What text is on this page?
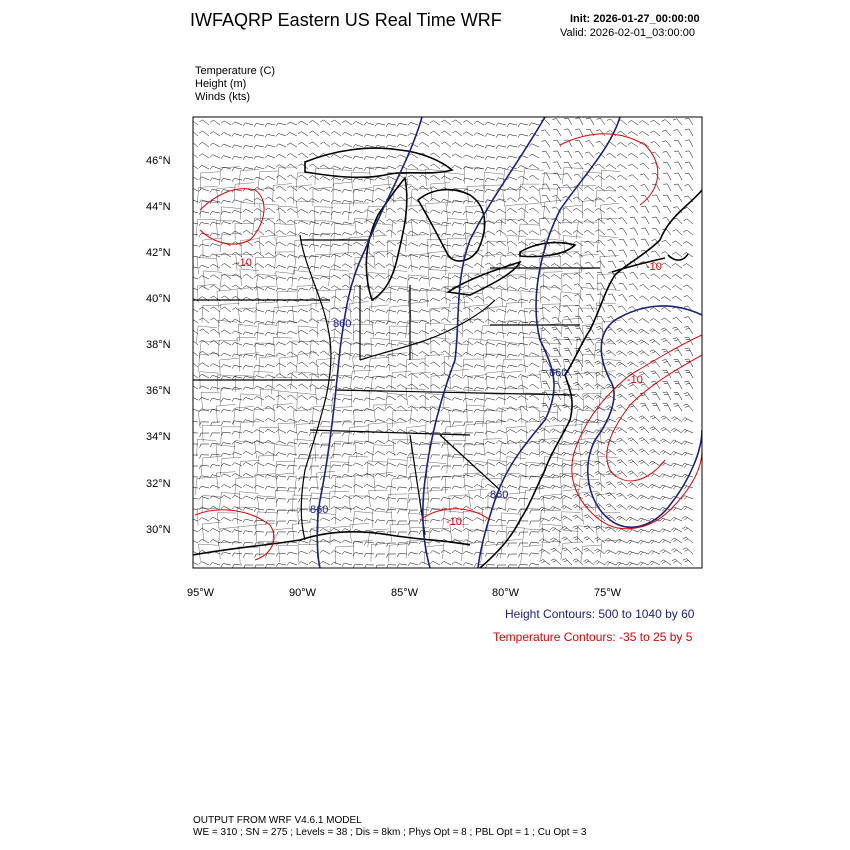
IWFAQRP Eastern US Real Time WRF	Init: 2026-01-27_00:00:00
Valid: 2026-02-01_03:00:00
Temperature (C)
Height (m)
Winds (kts)
860
860
860
860
-10
-10
-10
-10
46°N
44°N
42°N
40°N
38°N
36°N
34°N
32°N
30°N
95°W	90°W	85°W	80°W	75°W
Height Contours: 500 to 1040 by 60
Temperature Contours: -35 to 25 by 5
OUTPUT FROM WRF V4.6.1 MODEL
WE = 310 ; SN = 275 ; Levels = 38 ; Dis = 8km ; Phys Opt = 8 ; PBL Opt = 1 ; Cu Opt = 3
